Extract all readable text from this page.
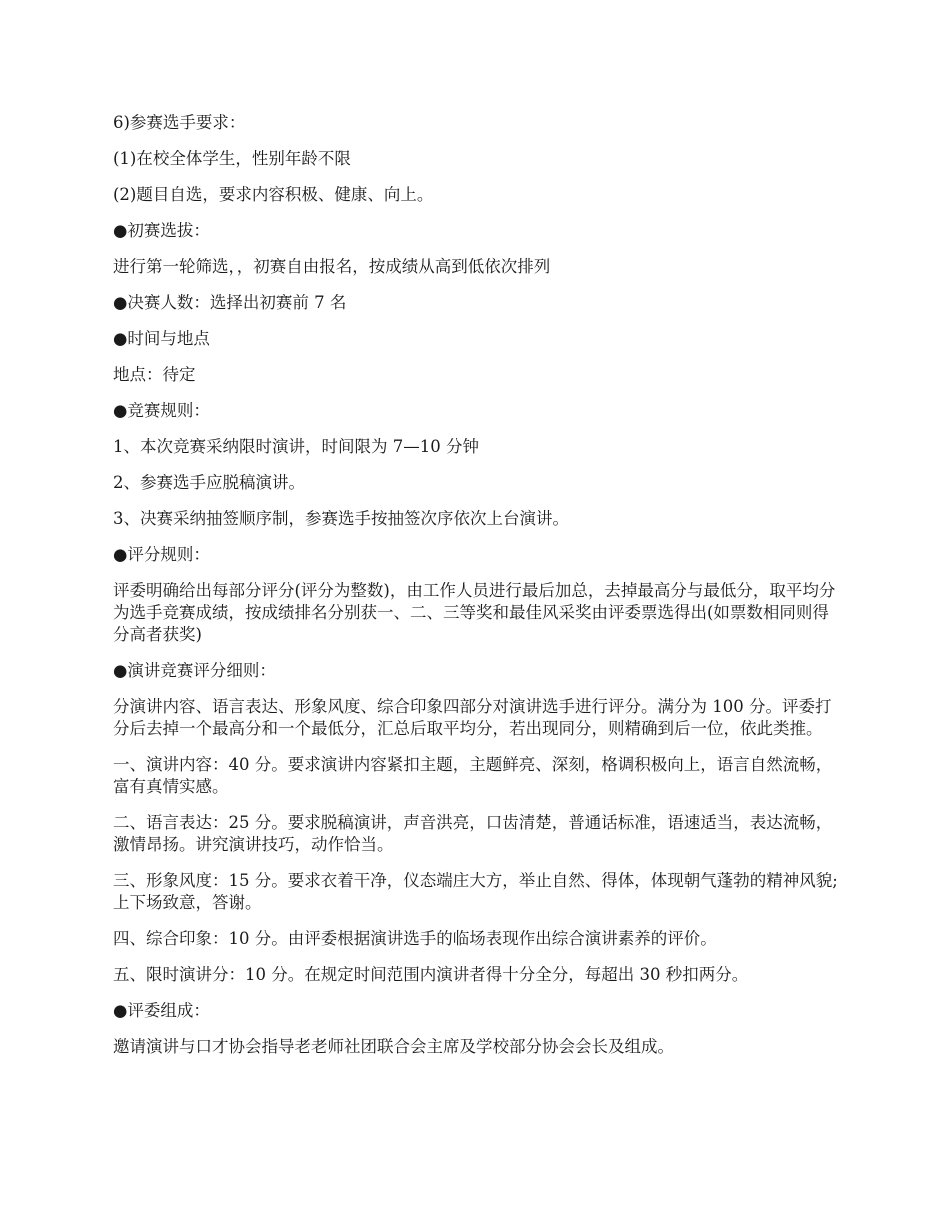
6)参赛选手要求：

(1)在校全体学生，性别年龄不限

(2)题目自选，要求内容积极、健康、向上。

●初赛选拔：

进行第一轮筛选，，初赛自由报名，按成绩从高到低依次排列

●决赛人数：选择出初赛前 7 名

●时间与地点

地点：待定

●竞赛规则：

1、本次竞赛采纳限时演讲，时间限为 7—10 分钟

2、参赛选手应脱稿演讲。

3、决赛采纳抽签顺序制，参赛选手按抽签次序依次上台演讲。

●评分规则：

评委明确给出每部分评分(评分为整数)，由工作人员进行最后加总，去掉最高分与最低分，取平均分为选手竞赛成绩，按成绩排名分别获一、二、三等奖和最佳风采奖由评委票选得出(如票数相同则得分高者获奖)

●演讲竞赛评分细则：

分演讲内容、语言表达、形象风度、综合印象四部分对演讲选手进行评分。满分为 100 分。评委打分后去掉一个最高分和一个最低分，汇总后取平均分，若出现同分，则精确到后一位，依此类推。

一、演讲内容：40 分。要求演讲内容紧扣主题，主题鲜亮、深刻，格调积极向上，语言自然流畅，富有真情实感。

二、语言表达：25 分。要求脱稿演讲，声音洪亮，口齿清楚，普通话标准，语速适当，表达流畅，激情昂扬。讲究演讲技巧，动作恰当。

三、形象风度：15 分。要求衣着干净，仪态端庄大方，举止自然、得体，体现朝气蓬勃的精神风貌;上下场致意，答谢。

四、综合印象：10 分。由评委根据演讲选手的临场表现作出综合演讲素养的评价。

五、限时演讲分：10 分。在规定时间范围内演讲者得十分全分，每超出 30 秒扣两分。

●评委组成：

邀请演讲与口才协会指导老老师社团联合会主席及学校部分协会会长及组成。
